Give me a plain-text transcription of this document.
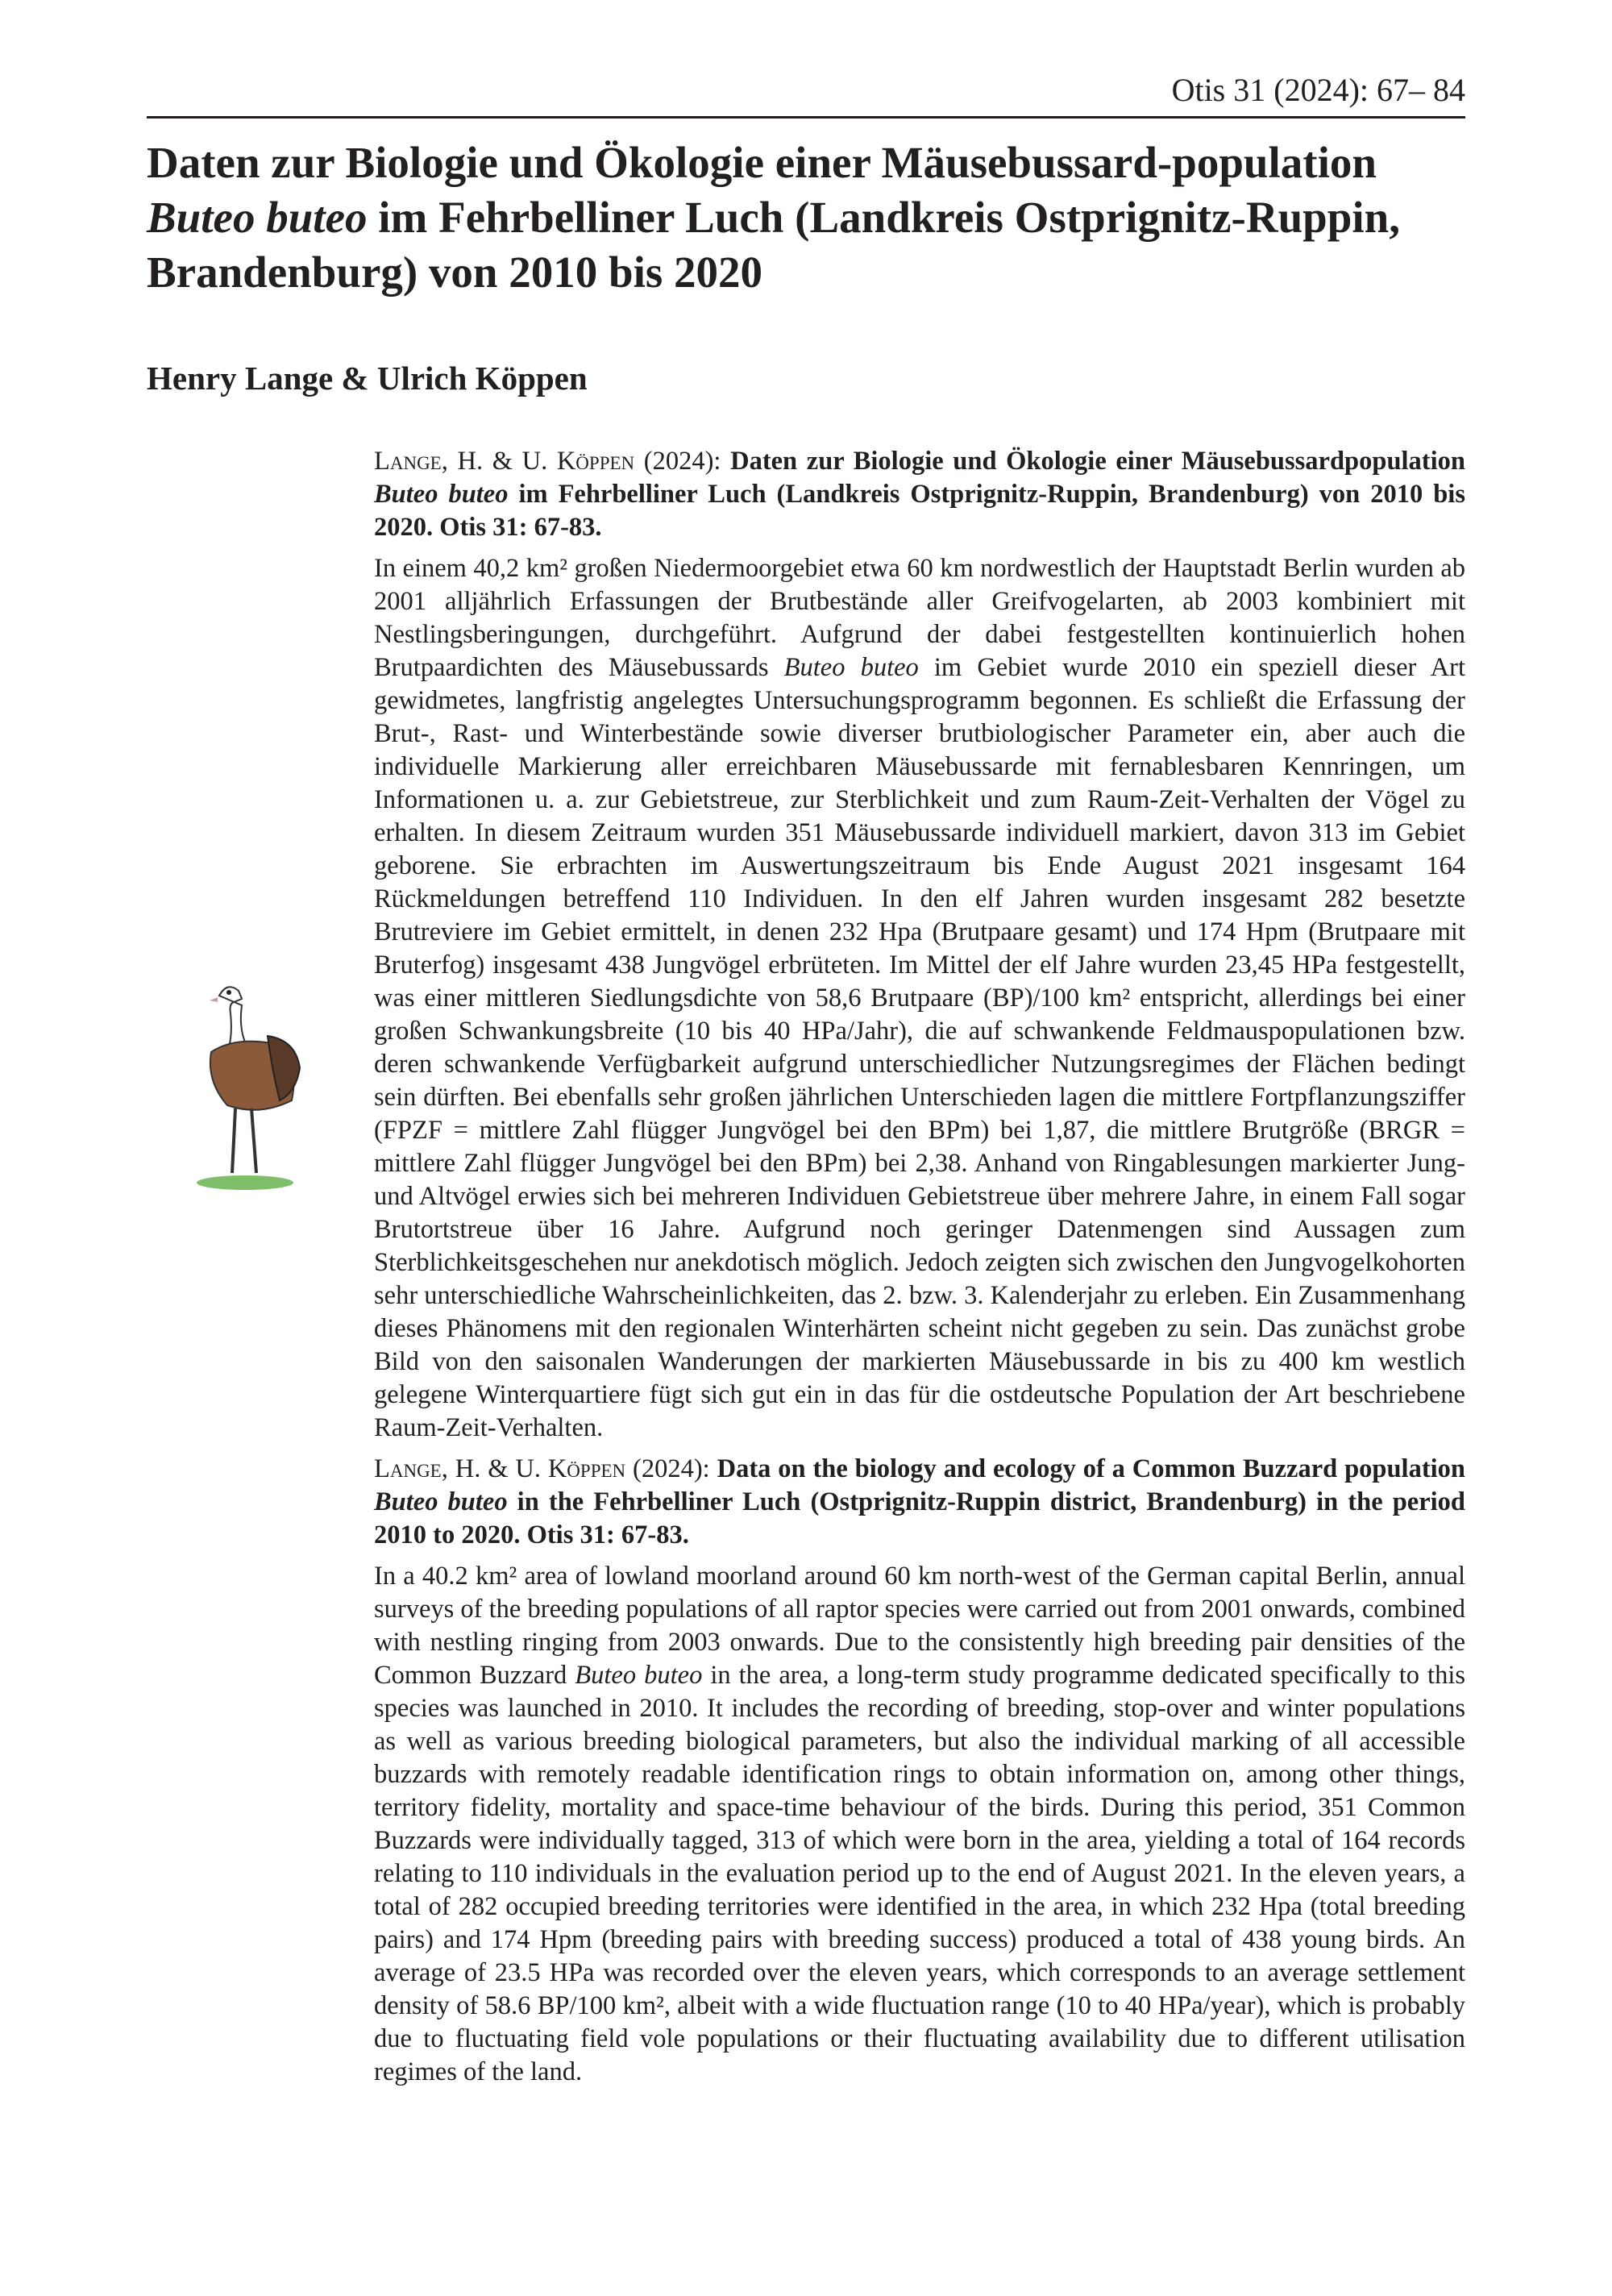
Otis 31 (2024): 67– 84
Daten zur Biologie und Ökologie einer Mäusebussard-population Buteo buteo im Fehrbelliner Luch (Landkreis Ostprignitz-Ruppin, Brandenburg) von 2010 bis 2020
Henry Lange & Ulrich Köppen

Lange, H. & U. Köppen (2024): Daten zur Biologie und Ökologie einer Mäusebussardpopulation Buteo buteo im Fehrbelliner Luch (Landkreis Ostprignitz-Ruppin, Brandenburg) von 2010 bis 2020. Otis 31: 67-83.

In einem 40,2 km² großen Niedermoorgebiet etwa 60 km nordwestlich der Hauptstadt Berlin wurden ab 2001 alljährlich Erfassungen der Brutbestände aller Greifvogelarten, ab 2003 kombiniert mit Nestlingsberingungen, durchgeführt. Aufgrund der dabei festgestellten kontinuierlich hohen Brutpaardichten des Mäusebussards Buteo buteo im Gebiet wurde 2010 ein speziell dieser Art gewidmetes, langfristig angelegtes Untersuchungsprogramm begonnen. Es schließt die Erfassung der Brut-, Rast- und Winterbestände sowie diverser brutbiologischer Parameter ein, aber auch die individuelle Markierung aller erreichbaren Mäusebussarde mit fernablesbaren Kennringen, um Informationen u. a. zur Gebietstreue, zur Sterblichkeit und zum Raum-Zeit-Verhalten der Vögel zu erhalten. In diesem Zeitraum wurden 351 Mäusebussarde individuell markiert, davon 313 im Gebiet geborene. Sie erbrachten im Auswertungszeitraum bis Ende August 2021 insgesamt 164 Rückmeldungen betreffend 110 Individuen. In den elf Jahren wurden insgesamt 282 besetzte Brutreviere im Gebiet ermittelt, in denen 232 Hpa (Brutpaare gesamt) und 174 Hpm (Brutpaare mit Bruterfog) insgesamt 438 Jungvögel erbrüteten. Im Mittel der elf Jahre wurden 23,45 HPa festgestellt, was einer mittleren Siedlungsdichte von 58,6 Brutpaare (BP)/100 km² entspricht, allerdings bei einer großen Schwankungsbreite (10 bis 40 HPa/Jahr), die auf schwankende Feldmauspopulationen bzw. deren schwankende Verfügbarkeit aufgrund unterschiedlicher Nutzungsregimes der Flächen bedingt sein dürften. Bei ebenfalls sehr großen jährlichen Unterschieden lagen die mittlere Fortpflanzungsziffer (FPZF = mittlere Zahl flügger Jungvögel bei den BPm) bei 1,87, die mittlere Brutgröße (BRGR = mittlere Zahl flügger Jungvögel bei den BPm) bei 2,38. Anhand von Ringablesungen markierter Jung- und Altvögel erwies sich bei mehreren Individuen Gebietstreue über mehrere Jahre, in einem Fall sogar Brutortstreue über 16 Jahre. Aufgrund noch geringer Datenmengen sind Aussagen zum Sterblichkeitsgeschehen nur anekdotisch möglich. Jedoch zeigten sich zwischen den Jungvogelkohorten sehr unterschiedliche Wahrscheinlichkeiten, das 2. bzw. 3. Kalenderjahr zu erleben. Ein Zusammenhang dieses Phänomens mit den regionalen Winterhärten scheint nicht gegeben zu sein. Das zunächst grobe Bild von den saisonalen Wanderungen der markierten Mäusebussarde in bis zu 400 km westlich gelegene Winterquartiere fügt sich gut ein in das für die ostdeutsche Population der Art beschriebene Raum-Zeit-Verhalten.

Lange, H. & U. Köppen (2024): Data on the biology and ecology of a Common Buzzard population Buteo buteo in the Fehrbelliner Luch (Ostprignitz-Ruppin district, Brandenburg) in the period 2010 to 2020. Otis 31: 67-83.

In a 40.2 km² area of lowland moorland around 60 km north-west of the German capital Berlin, annual surveys of the breeding populations of all raptor species were carried out from 2001 onwards, combined with nestling ringing from 2003 onwards. Due to the consistently high breeding pair densities of the Common Buzzard Buteo buteo in the area, a long-term study programme dedicated specifically to this species was launched in 2010. It includes the recording of breeding, stop-over and winter populations as well as various breeding biological parameters, but also the individual marking of all accessible buzzards with remotely readable identification rings to obtain information on, among other things, territory fidelity, mortality and space-time behaviour of the birds. During this period, 351 Common Buzzards were individually tagged, 313 of which were born in the area, yielding a total of 164 records relating to 110 individuals in the evaluation period up to the end of August 2021. In the eleven years, a total of 282 occupied breeding territories were identified in the area, in which 232 Hpa (total breeding pairs) and 174 Hpm (breeding pairs with breeding success) produced a total of 438 young birds. An average of 23.5 HPa was recorded over the eleven years, which corresponds to an average settlement density of 58.6 BP/100 km², albeit with a wide fluctuation range (10 to 40 HPa/year), which is probably due to fluctuating field vole populations or their fluctuating availability due to different utilisation regimes of the land.
